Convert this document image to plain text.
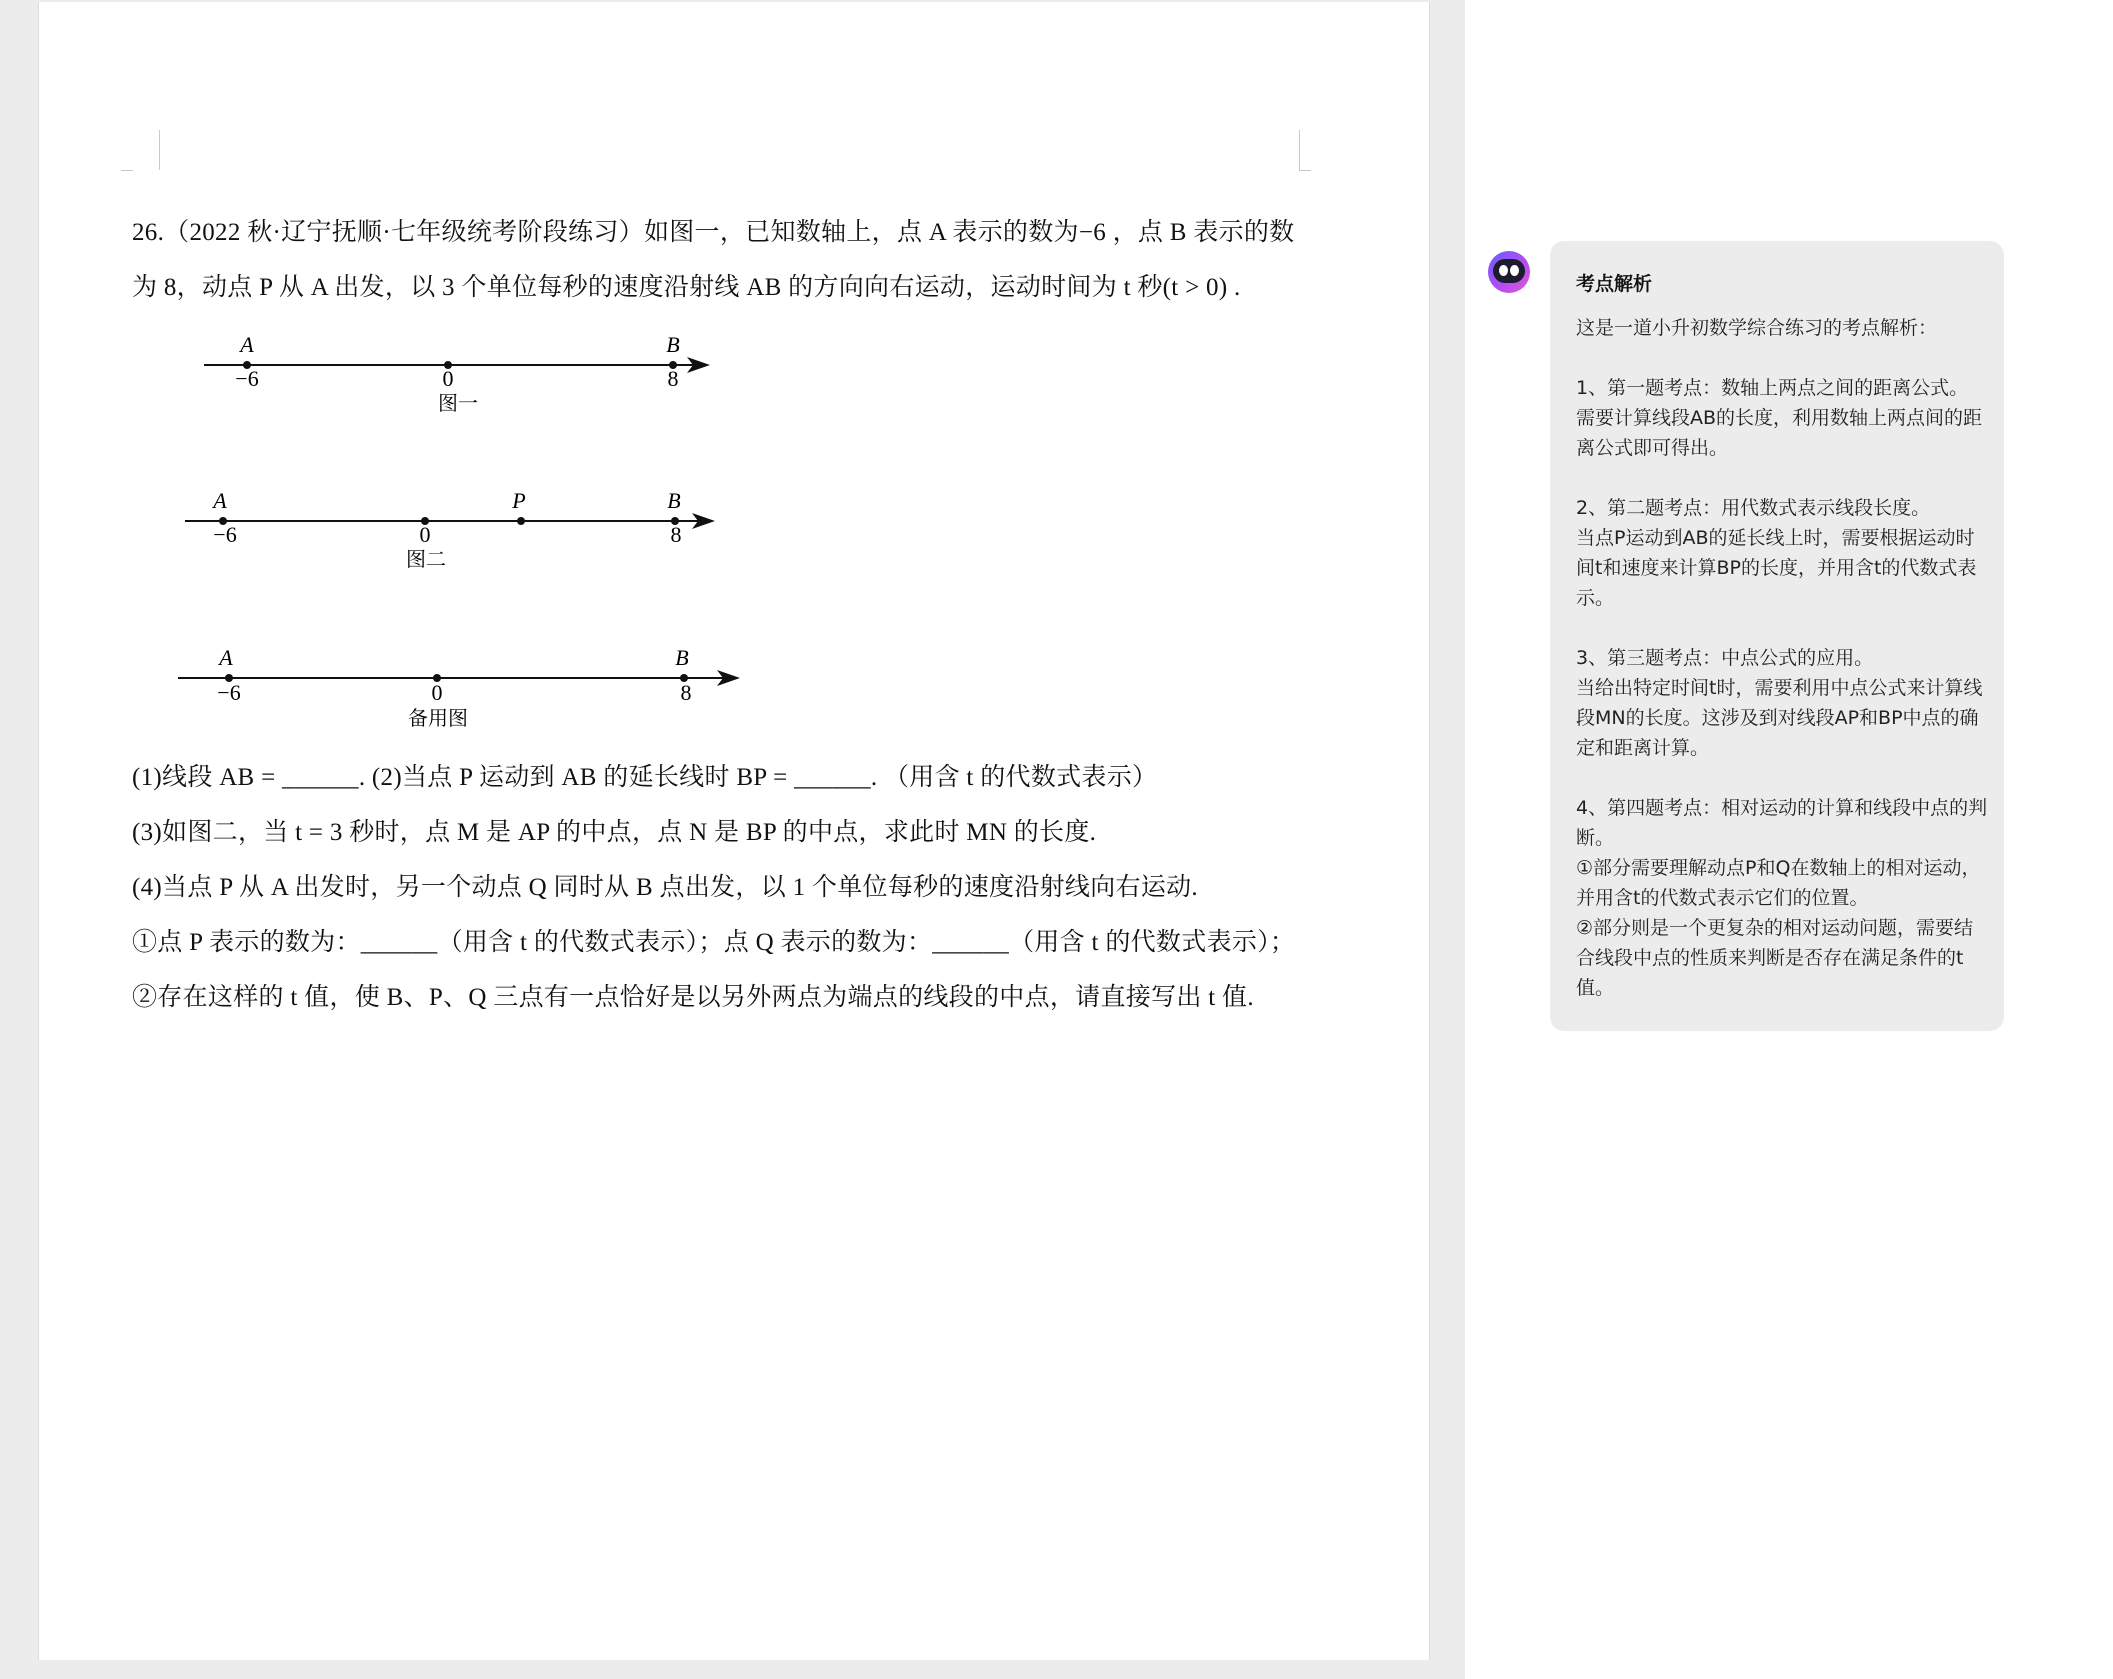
26.（2022 秋·辽宁抚顺·七年级统考阶段练习）如图一，已知数轴上，点 A 表示的数为−6 ，点 B 表示的数
为 8，动点 P 从 A 出发，以 3 个单位每秒的速度沿射线 AB 的方向向右运动，运动时间为 t 秒(t > 0) .
A	B
−6	0	8
图一
A	P	B
−6	0	8
图二
A	B
−6	0	8
备用图
(1)线段 AB = ______. (2)当点 P 运动到 AB 的延长线时 BP = ______. （用含 t 的代数式表示）
(3)如图二，当 t = 3 秒时，点 M 是 AP 的中点，点 N 是 BP 的中点，求此时 MN 的长度.
(4)当点 P 从 A 出发时，另一个动点 Q 同时从 B 点出发，以 1 个单位每秒的速度沿射线向右运动.
①点 P 表示的数为：______（用含 t 的代数式表示）；点 Q 表示的数为：______（用含 t 的代数式表示）；
②存在这样的 t 值，使 B、P、Q 三点有一点恰好是以另外两点为端点的线段的中点，请直接写出 t 值.
考点解析

这是一道小升初数学综合练习的考点解析：

1、第一题考点：数轴上两点之间的距离公式。

需要计算线段AB的长度，利用数轴上两点间的距离公式即可得出。

2、第二题考点：用代数式表示线段长度。

当点P运动到AB的延长线上时，需要根据运动时间t和速度来计算BP的长度，并用含t的代数式表示。

3、第三题考点：中点公式的应用。

当给出特定时间t时，需要利用中点公式来计算线段MN的长度。这涉及到对线段AP和BP中点的确定和距离计算。

4、第四题考点：相对运动的计算和线段中点的判断。

①部分需要理解动点P和Q在数轴上的相对运动，并用含t的代数式表示它们的位置。

②部分则是一个更复杂的相对运动问题，需要结合线段中点的性质来判断是否存在满足条件的t值。
